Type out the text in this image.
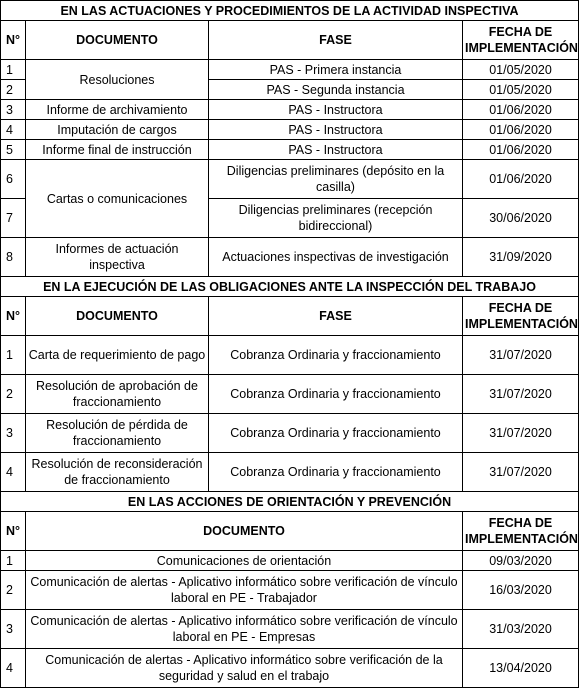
EN LAS ACTUACIONES Y PROCEDIMIENTOS DE LA ACTIVIDAD INSPECTIVA			
N°	DOCUMENTO	FASE	FECHA DE IMPLEMENTACIÓN
1	Resoluciones	PAS - Primera instancia	01/05/2020
2		PAS - Segunda instancia	01/05/2020
3	Informe de archivamiento	PAS - Instructora	01/06/2020
4	Imputación de cargos	PAS - Instructora	01/06/2020
5	Informe final de instrucción	PAS - Instructora	01/06/2020
6	Cartas o comunicaciones	Diligencias preliminares (depósito en la casilla)	01/06/2020
7		Diligencias preliminares (recepción bidireccional)	30/06/2020
8	Informes de actuación inspectiva	Actuaciones inspectivas de investigación	31/09/2020
EN LA EJECUCIÓN DE LAS OBLIGACIONES ANTE LA INSPECCIÓN DEL TRABAJO			
N°	DOCUMENTO	FASE	FECHA DE IMPLEMENTACIÓN
1	Carta de requerimiento de pago	Cobranza Ordinaria y fraccionamiento	31/07/2020
2	Resolución de aprobación de fraccionamiento	Cobranza Ordinaria y fraccionamiento	31/07/2020
3	Resolución de pérdida de fraccionamiento	Cobranza Ordinaria y fraccionamiento	31/07/2020
4	Resolución de reconsideración de fraccionamiento	Cobranza Ordinaria y fraccionamiento	31/07/2020
EN LAS ACCIONES DE ORIENTACIÓN Y PREVENCIÓN			
N°	DOCUMENTO		FECHA DE IMPLEMENTACIÓN
1	Comunicaciones de orientación		09/03/2020
2	Comunicación de alertas - Aplicativo informático sobre verificación de vínculo laboral en PE - Trabajador		16/03/2020
3	Comunicación de alertas - Aplicativo informático sobre verificación de vínculo laboral en PE - Empresas		31/03/2020
4	Comunicación de alertas - Aplicativo informático sobre verificación de la seguridad y salud en el trabajo		13/04/2020
